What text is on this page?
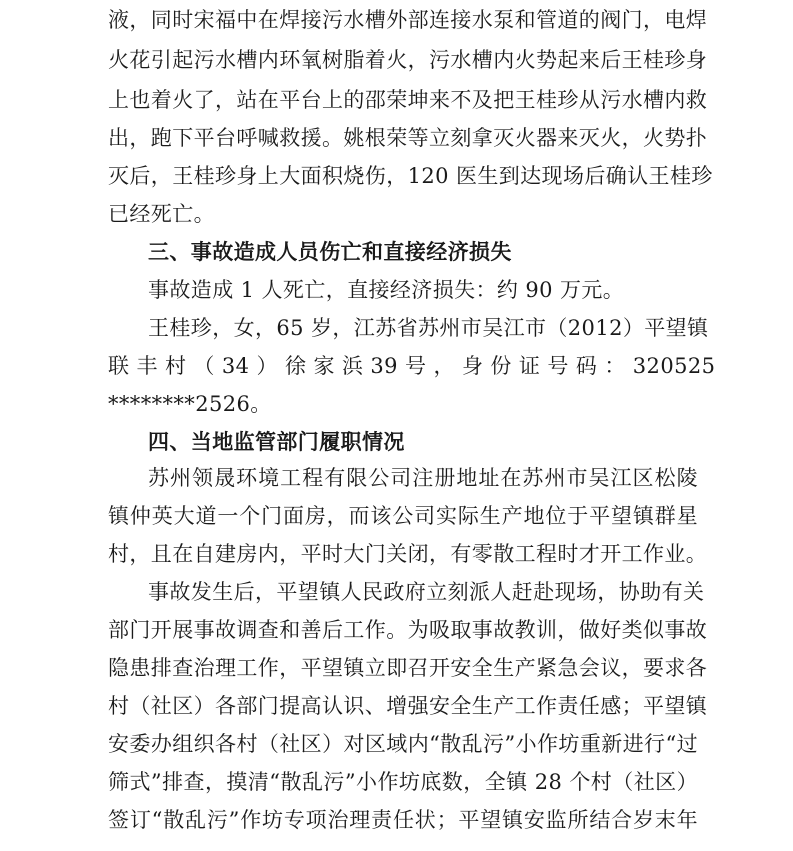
液，同时宋福中在焊接污水槽外部连接水泵和管道的阀门，电焊
火花引起污水槽内环氧树脂着火，污水槽内火势起来后王桂珍身
上也着火了，站在平台上的邵荣坤来不及把王桂珍从污水槽内救
出，跑下平台呼喊救援。姚根荣等立刻拿灭火器来灭火，火势扑
灭后，王桂珍身上大面积烧伤，120 医生到达现场后确认王桂珍
已经死亡。
三、事故造成人员伤亡和直接经济损失
事故造成 1 人死亡，直接经济损失：约 90 万元。
王桂珍，女，65 岁，江苏省苏州市吴江市（2012）平望镇
联 丰 村 （ 34 ） 徐 家 浜 39 号 ， 身 份 证 号 码 ： 320525
********2526。
四、当地监管部门履职情况
苏州领晟环境工程有限公司注册地址在苏州市吴江区松陵
镇仲英大道一个门面房，而该公司实际生产地位于平望镇群星
村，且在自建房内，平时大门关闭，有零散工程时才开工作业。
事故发生后，平望镇人民政府立刻派人赶赴现场，协助有关
部门开展事故调查和善后工作。为吸取事故教训，做好类似事故
隐患排查治理工作，平望镇立即召开安全生产紧急会议，要求各
村（社区）各部门提高认识、增强安全生产工作责任感；平望镇
安委办组织各村（社区）对区域内“散乱污”小作坊重新进行“过
筛式”排查，摸清“散乱污”小作坊底数，全镇 28 个村（社区）
签订“散乱污”作坊专项治理责任状；平望镇安监所结合岁末年
